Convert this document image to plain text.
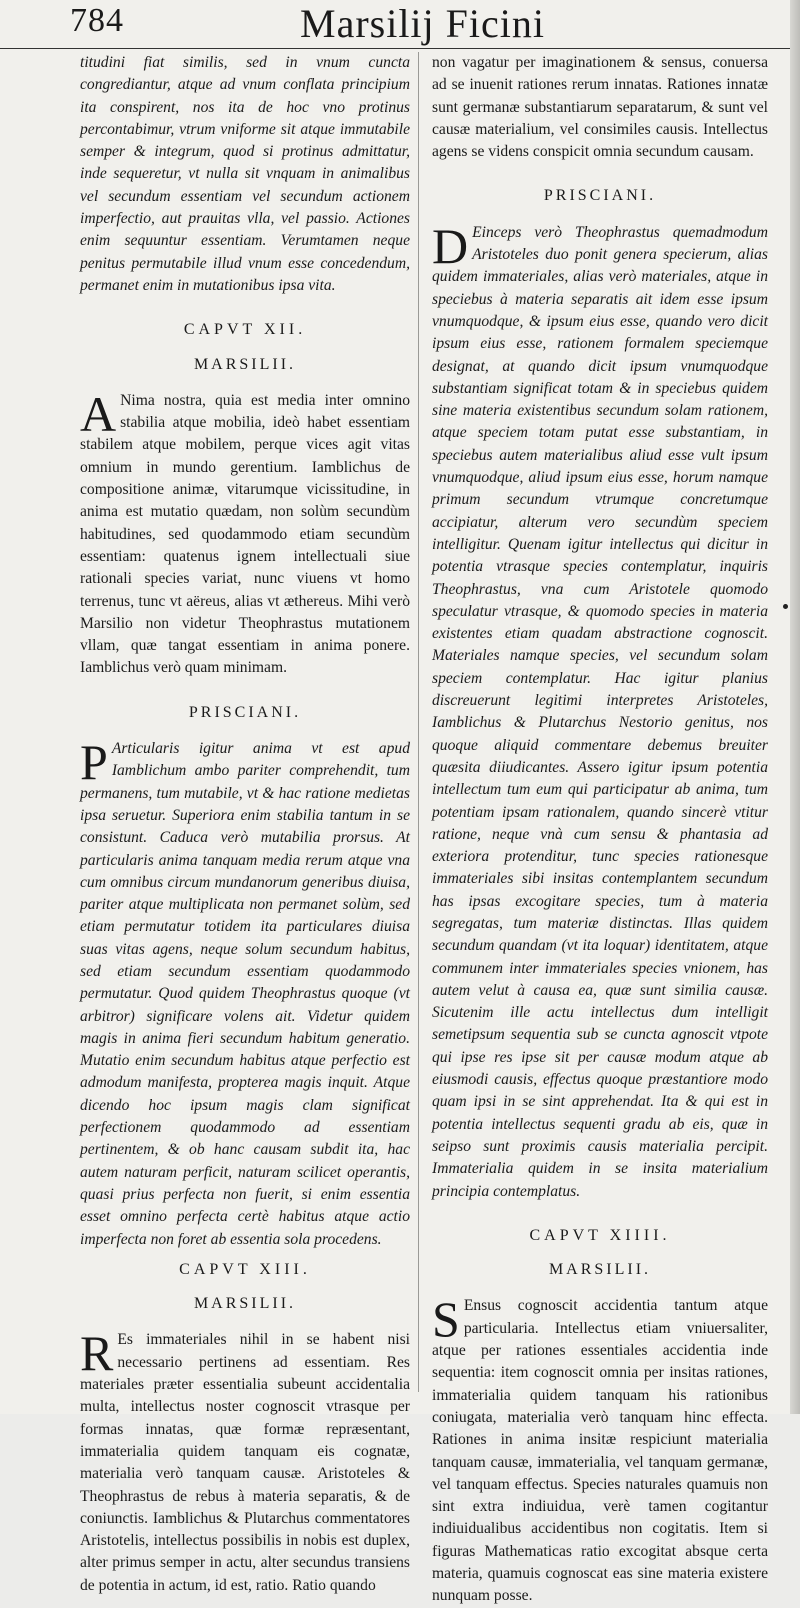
784	Marsilij Ficini

titudini fiat similis, sed in vnum cuncta congrediantur, atque ad vnum conflata principium ita conspirent, nos ita de hoc vno protinus percontabimur, vtrum vniforme sit atque immutabile semper & integrum, quod si protinus admittatur, inde sequeretur, vt nulla sit vnquam in animalibus vel secundum essentiam vel secundum actionem imperfectio, aut prauitas vlla, vel passio. Actiones enim sequuntur essentiam. Verumtamen neque penitus permutabile illud vnum esse concedendum, permanet enim in mutationibus ipsa vita.

CAPVT XII.
MARSILII.

A Nima nostra, quia est media inter omnino stabilia atque mobilia, ideò habet essentiam stabilem atque mobilem, perque vices agit vitas omnium in mundo gerentium. Iamblichus de compositione animæ, vitarumque vicissitudine, in anima est mutatio quædam, non solùm secundùm habitudines, sed quodammodo etiam secundùm essentiam: quatenus ignem intellectuali siue rationali species variat, nunc viuens vt homo terrenus, tunc vt aëreus, alias vt æthereus. Mihi verò Marsilio non videtur Theophrastus mutationem vllam, quæ tangat essentiam in anima ponere. Iamblichus verò quam minimam.

PRISCIANI.

P Articularis igitur anima vt est apud Iamblichum ambo pariter comprehendit, tum permanens, tum mutabile, vt & hac ratione medietas ipsa seruetur. Superiora enim stabilia tantum in se consistunt. Caduca verò mutabilia prorsus. At particularis anima tanquam media rerum atque vna cum omnibus circum mundanorum generibus diuisa, pariter atque multiplicata non permanet solùm, sed etiam permutatur totidem ita particulares diuisa suas vitas agens, neque solum secundum habitus, sed etiam secundum essentiam quodammodo permutatur. Quod quidem Theophrastus quoque (vt arbitror) significare volens ait. Videtur quidem magis in anima fieri secundum habitum generatio. Mutatio enim secundum habitus atque perfectio est admodum manifesta, propterea magis inquit. Atque dicendo hoc ipsum magis clam significat perfectionem quodammodo ad essentiam pertinentem, & ob hanc causam subdit ita, hac autem naturam perficit, naturam scilicet operantis, quasi prius perfecta non fuerit, si enim essentia esset omnino perfecta certè habitus atque actio imperfecta non foret ab essentia sola procedens.

CAPVT XIII.
MARSILII.

R Es immateriales nihil in se habent nisi necessario pertinens ad essentiam. Res materiales præter essentialia subeunt accidentalia multa, intellectus noster cognoscit vtrasque per formas innatas, quæ formæ repræsentant, immaterialia quidem tanquam eis cognatæ, materialia verò tanquam causæ. Aristoteles & Theophrastus de rebus à materia separatis, & de coniunctis. Iamblichus & Plutarchus commentatores Aristotelis, intellectus possibilis in nobis est duplex, alter primus semper in actu, alter secundus transiens de potentia in actum, id est, ratio. Ratio quando

non vagatur per imaginationem & sensus, conuersa ad se inuenit rationes rerum innatas. Rationes innatæ sunt germanæ substantiarum separatarum, & sunt vel causæ materialium, vel consimiles causis. Intellectus agens se videns conspicit omnia secundum causam.

PRISCIANI.

D Einceps verò Theophrastus quemadmodum Aristoteles duo ponit genera specierum, alias quidem immateriales, alias verò materiales, atque in speciebus à materia separatis ait idem esse ipsum vnumquodque, & ipsum eius esse, quando vero dicit ipsum eius esse, rationem formalem speciemque designat, at quando dicit ipsum vnumquodque substantiam significat totam & in speciebus quidem sine materia existentibus secundum solam rationem, atque speciem totam putat esse substantiam, in speciebus autem materialibus aliud esse vult ipsum vnumquodque, aliud ipsum eius esse, horum namque primum secundum vtrumque concretumque accipiatur, alterum vero secundùm speciem intelligitur. Quenam igitur intellectus qui dicitur in potentia vtrasque species contemplatur, inquiris Theophrastus, vna cum Aristotele quomodo speculatur vtrasque, & quomodo species in materia existentes etiam quadam abstractione cognoscit. Materiales namque species, vel secundum solam speciem contemplatur. Hac igitur planius discreuerunt legitimi interpretes Aristoteles, Iamblichus & Plutarchus Nestorio genitus, nos quoque aliquid commentare debemus breuiter quæsita diiudicantes. Assero igitur ipsum potentia intellectum tum eum qui participatur ab anima, tum potentiam ipsam rationalem, quando sincerè vtitur ratione, neque vnà cum sensu & phantasia ad exteriora protenditur, tunc species rationesque immateriales sibi insitas contemplantem secundum has ipsas excogitare species, tum à materia segregatas, tum materiæ distinctas. Illas quidem secundum quandam (vt ita loquar) identitatem, atque communem inter immateriales species vnionem, has autem velut à causa ea, quæ sunt similia causæ. Sicutenim ille actu intellectus dum intelligit semetipsum sequentia sub se cuncta agnoscit vtpote qui ipse res ipse sit per causæ modum atque ab eiusmodi causis, effectus quoque præstantiore modo quam ipsi in se sint apprehendat. Ita & qui est in potentia intellectus sequenti gradu ab eis, quæ in seipso sunt proximis causis materialia percipit. Immaterialia quidem in se insita materialium principia contemplatus.

CAPVT XIIII.
MARSILII.

S Ensus cognoscit accidentia tantum atque particularia. Intellectus etiam vniuersaliter, atque per rationes essentiales accidentia inde sequentia: item cognoscit omnia per insitas rationes, immaterialia quidem tanquam his rationibus coniugata, materialia verò tanquam hinc effecta. Rationes in anima insitæ respiciunt materialia tanquam causæ, immaterialia, vel tanquam germanæ, vel tanquam effectus. Species naturales quamuis non sint extra indiuidua, verè tamen cogitantur indiuidualibus accidentibus non cogitatis. Item si figuras Mathematicas ratio excogitat absque certa materia, quamuis cognoscat eas sine materia existere nunquam posse.
